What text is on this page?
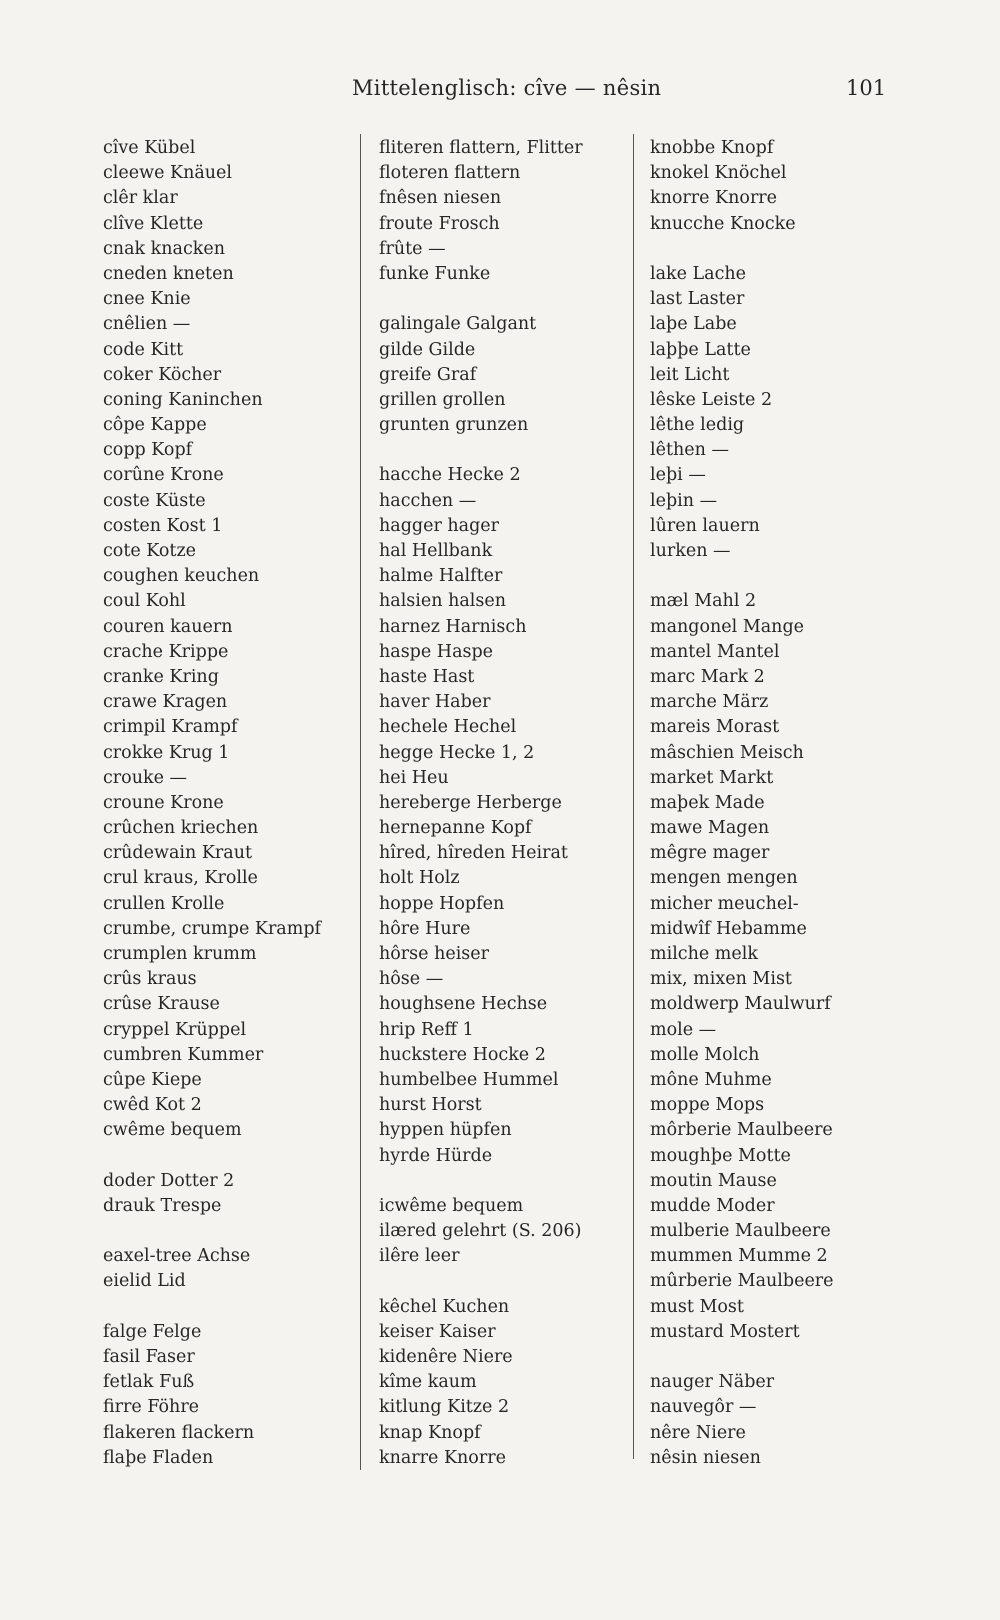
Mittelenglisch: cîve — nêsin	101
cîve Kübel
cleewe Knäuel
clêr klar
clîve Klette
cnak knacken
cneden kneten
cnee Knie
cnêlien —
code Kitt
coker Köcher
coning Kaninchen
côpe Kappe
copp Kopf
corûne Krone
coste Küste
costen Kost 1
cote Kotze
coughen keuchen
coul Kohl
couren kauern
crache Krippe
cranke Kring
crawe Kragen
crimpil Krampf
crokke Krug 1
crouke —
croune Krone
crûchen kriechen
crûdewain Kraut
crul kraus, Krolle
crullen Krolle
crumbe, crumpe Krampf
crumplen krumm
crûs kraus
crûse Krause
cryppel Krüppel
cumbren Kummer
cûpe Kiepe
cwêd Kot 2
cwême bequem
doder Dotter 2
drauk Trespe
eaxel-tree Achse
eielid Lid
falge Felge
fasil Faser
fetlak Fuß
firre Föhre
flakeren flackern
flaþe Fladen
fliteren flattern, Flitter
floteren flattern
fnêsen niesen
froute Frosch
frûte —
funke Funke
galingale Galgant
gilde Gilde
greife Graf
grillen grollen
grunten grunzen
hacche Hecke 2
hacchen —
hagger hager
hal Hellbank
halme Halfter
halsien halsen
harnez Harnisch
haspe Haspe
haste Hast
haver Haber
hechele Hechel
hegge Hecke 1, 2
hei Heu
hereberge Herberge
hernepanne Kopf
hîred, hîreden Heirat
holt Holz
hoppe Hopfen
hôre Hure
hôrse heiser
hôse —
houghsene Hechse
hrip Reff 1
huckstere Hocke 2
humbelbee Hummel
hurst Horst
hyppen hüpfen
hyrde Hürde
icwême bequem
ilæred gelehrt (S. 206)
ilêre leer
kêchel Kuchen
keiser Kaiser
kidenêre Niere
kîme kaum
kitlung Kitze 2
knap Knopf
knarre Knorre
knobbe Knopf
knokel Knöchel
knorre Knorre
knucche Knocke
lake Lache
last Laster
laþe Labe
laþþe Latte
leit Licht
lêske Leiste 2
lêthe ledig
lêthen —
leþi —
leþin —
lûren lauern
lurken —
mæl Mahl 2
mangonel Mange
mantel Mantel
marc Mark 2
marche März
mareis Morast
mâschien Meisch
market Markt
maþek Made
mawe Magen
mêgre mager
mengen mengen
micher meuchel-
midwîf Hebamme
milche melk
mix, mixen Mist
moldwerp Maulwurf
mole —
molle Molch
mône Muhme
moppe Mops
môrberie Maulbeere
moughþe Motte
moutin Mause
mudde Moder
mulberie Maulbeere
mummen Mumme 2
mûrberie Maulbeere
must Most
mustard Mostert
nauger Näber
nauvegôr —
nêre Niere
nêsin niesen
